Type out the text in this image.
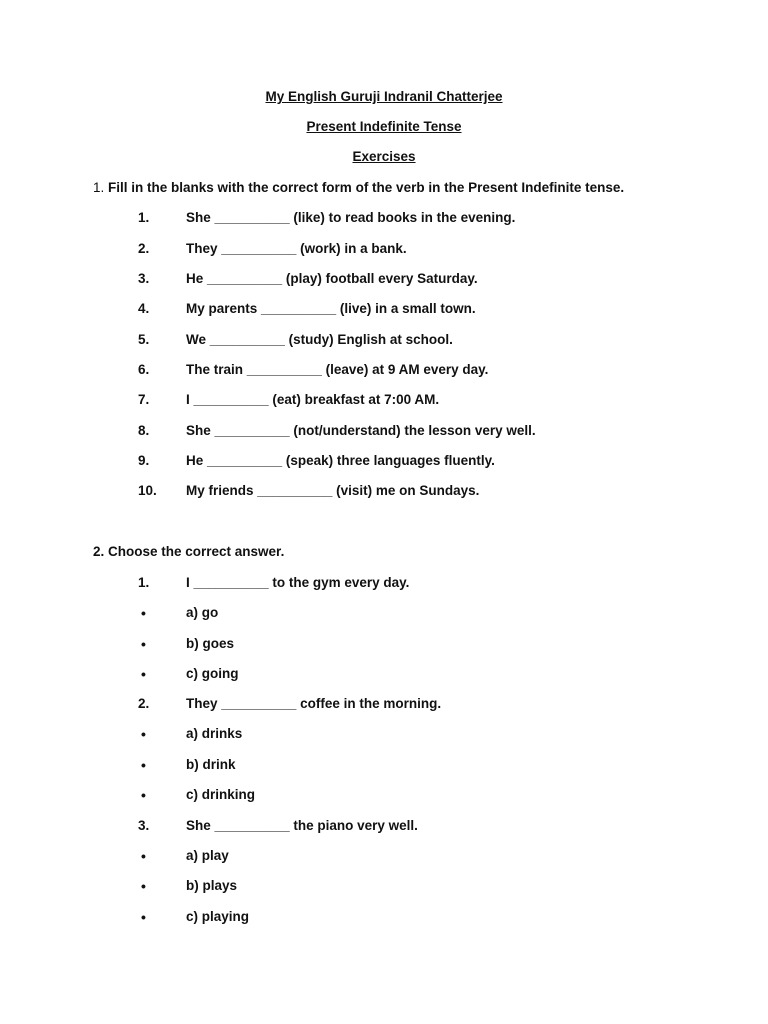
My English Guruji Indranil Chatterjee
Present Indefinite Tense
Exercises
1. Fill in the blanks with the correct form of the verb in the Present Indefinite tense.
1.	She __________ (like) to read books in the evening.
2.	They __________ (work) in a bank.
3.	He __________ (play) football every Saturday.
4.	My parents __________ (live) in a small town.
5.	We __________ (study) English at school.
6.	The train __________ (leave) at 9 AM every day.
7.	I __________ (eat) breakfast at 7:00 AM.
8.	She __________ (not/understand) the lesson very well.
9.	He __________ (speak) three languages fluently.
10. My friends __________ (visit) me on Sundays.
2. Choose the correct answer.
1.	I __________ to the gym every day.
•	a) go
•	b) goes
•	c) going
2.	They __________ coffee in the morning.
•	a) drinks
•	b) drink
•	c) drinking
3.	She __________ the piano very well.
•	a) play
•	b) plays
•	c) playing
